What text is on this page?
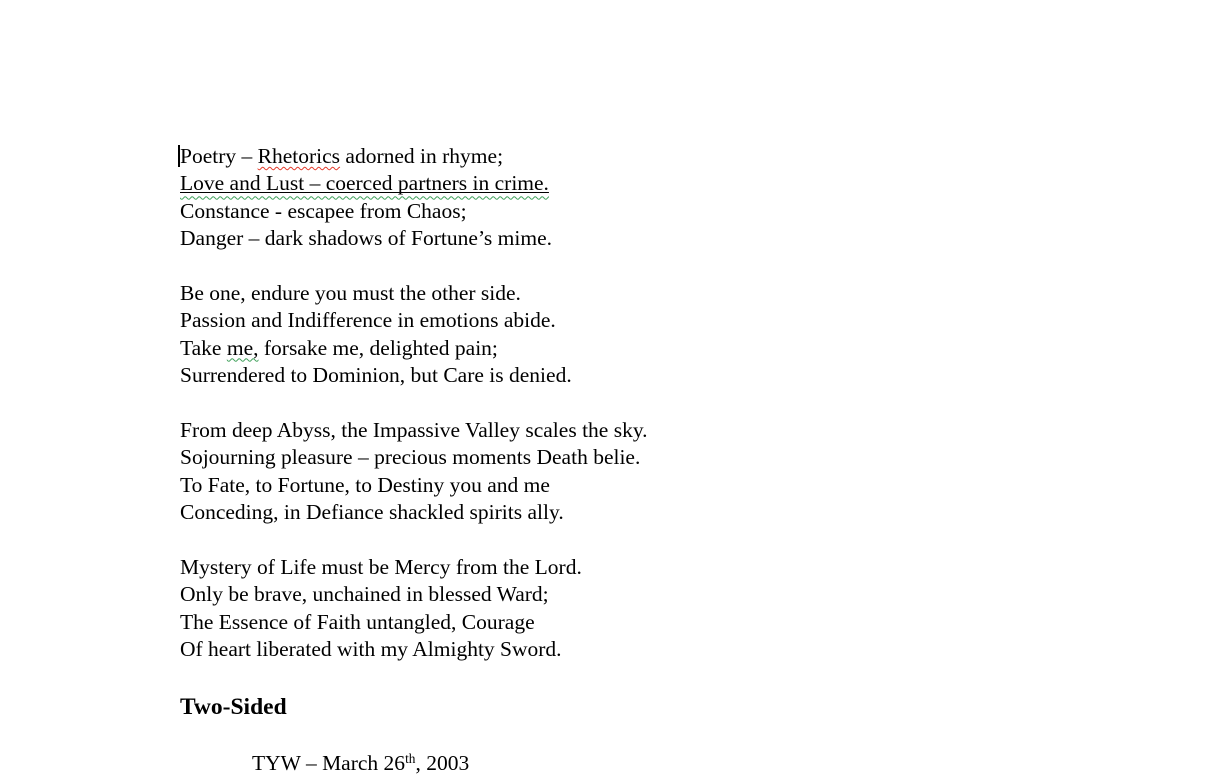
Poetry – Rhetorics adorned in rhyme;
Love and Lust – coerced partners in crime.
Constance - escapee from Chaos;
Danger – dark shadows of Fortune’s mime.
Be one, endure you must the other side.
Passion and Indifference in emotions abide.
Take me, forsake me, delighted pain;
Surrendered to Dominion, but Care is denied.
From deep Abyss, the Impassive Valley scales the sky.
Sojourning pleasure – precious moments Death belie.
To Fate, to Fortune, to Destiny you and me
Conceding, in Defiance shackled spirits ally.
Mystery of Life must be Mercy from the Lord.
Only be brave, unchained in blessed Ward;
The Essence of Faith untangled, Courage
Of heart liberated with my Almighty Sword.
Two-Sided
TYW – March 26th, 2003
